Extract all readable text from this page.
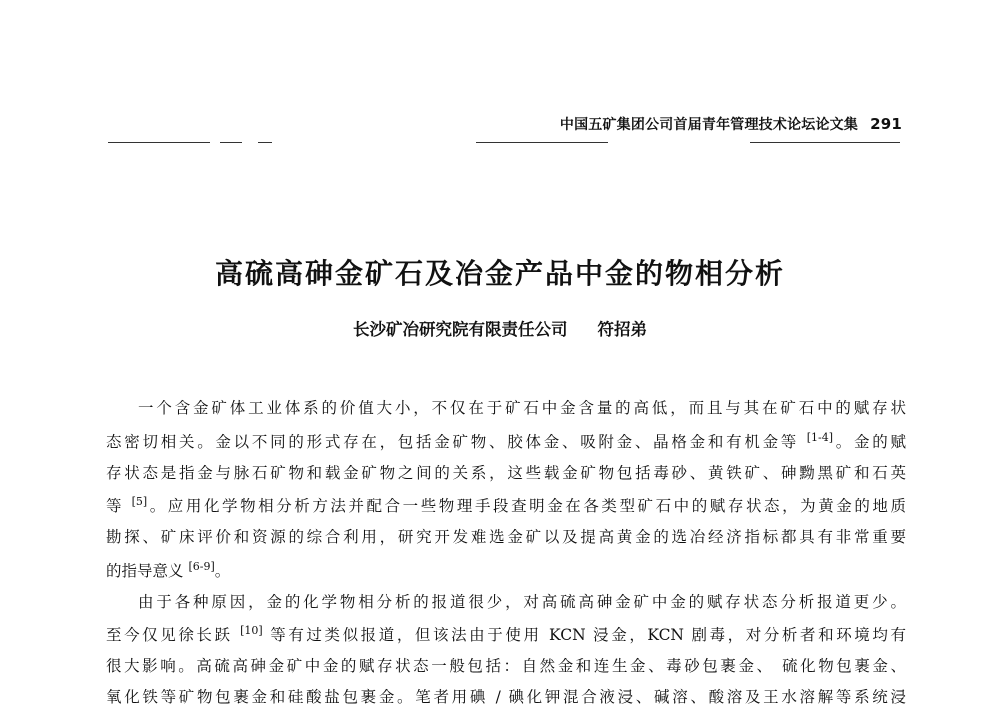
中国五矿集团公司首届青年管理技术论坛论文集 291
高硫高砷金矿石及冶金产品中金的物相分析
长沙矿冶研究院有限责任公司 符招弟
一个含金矿体工业体系的价值大小，不仅在于矿石中金含量的高低，而且与其在矿石中的赋存状
态密切相关。金以不同的形式存在，包括金矿物、胶体金、吸附金、晶格金和有机金等 [1-4]。金的赋
存状态是指金与脉石矿物和载金矿物之间的关系，这些载金矿物包括毒砂、黄铁矿、砷黝黑矿和石英
等 [5]。应用化学物相分析方法并配合一些物理手段查明金在各类型矿石中的赋存状态，为黄金的地质
勘探、矿床评价和资源的综合利用，研究开发难选金矿以及提高黄金的选冶经济指标都具有非常重要
的指导意义 [6-9]。
由于各种原因，金的化学物相分析的报道很少，对高硫高砷金矿中金的赋存状态分析报道更少。
至今仅见徐长跃 [10] 等有过类似报道，但该法由于使用 KCN 浸金，KCN 剧毒，对分析者和环境均有
很大影响。高硫高砷金矿中金的赋存状态一般包括：自然金和连生金、毒砂包裹金、 硫化物包裹金、
氧化铁等矿物包裹金和硅酸盐包裹金。笔者用碘 / 碘化钾混合液浸、碱溶、酸溶及王水溶解等系统浸
